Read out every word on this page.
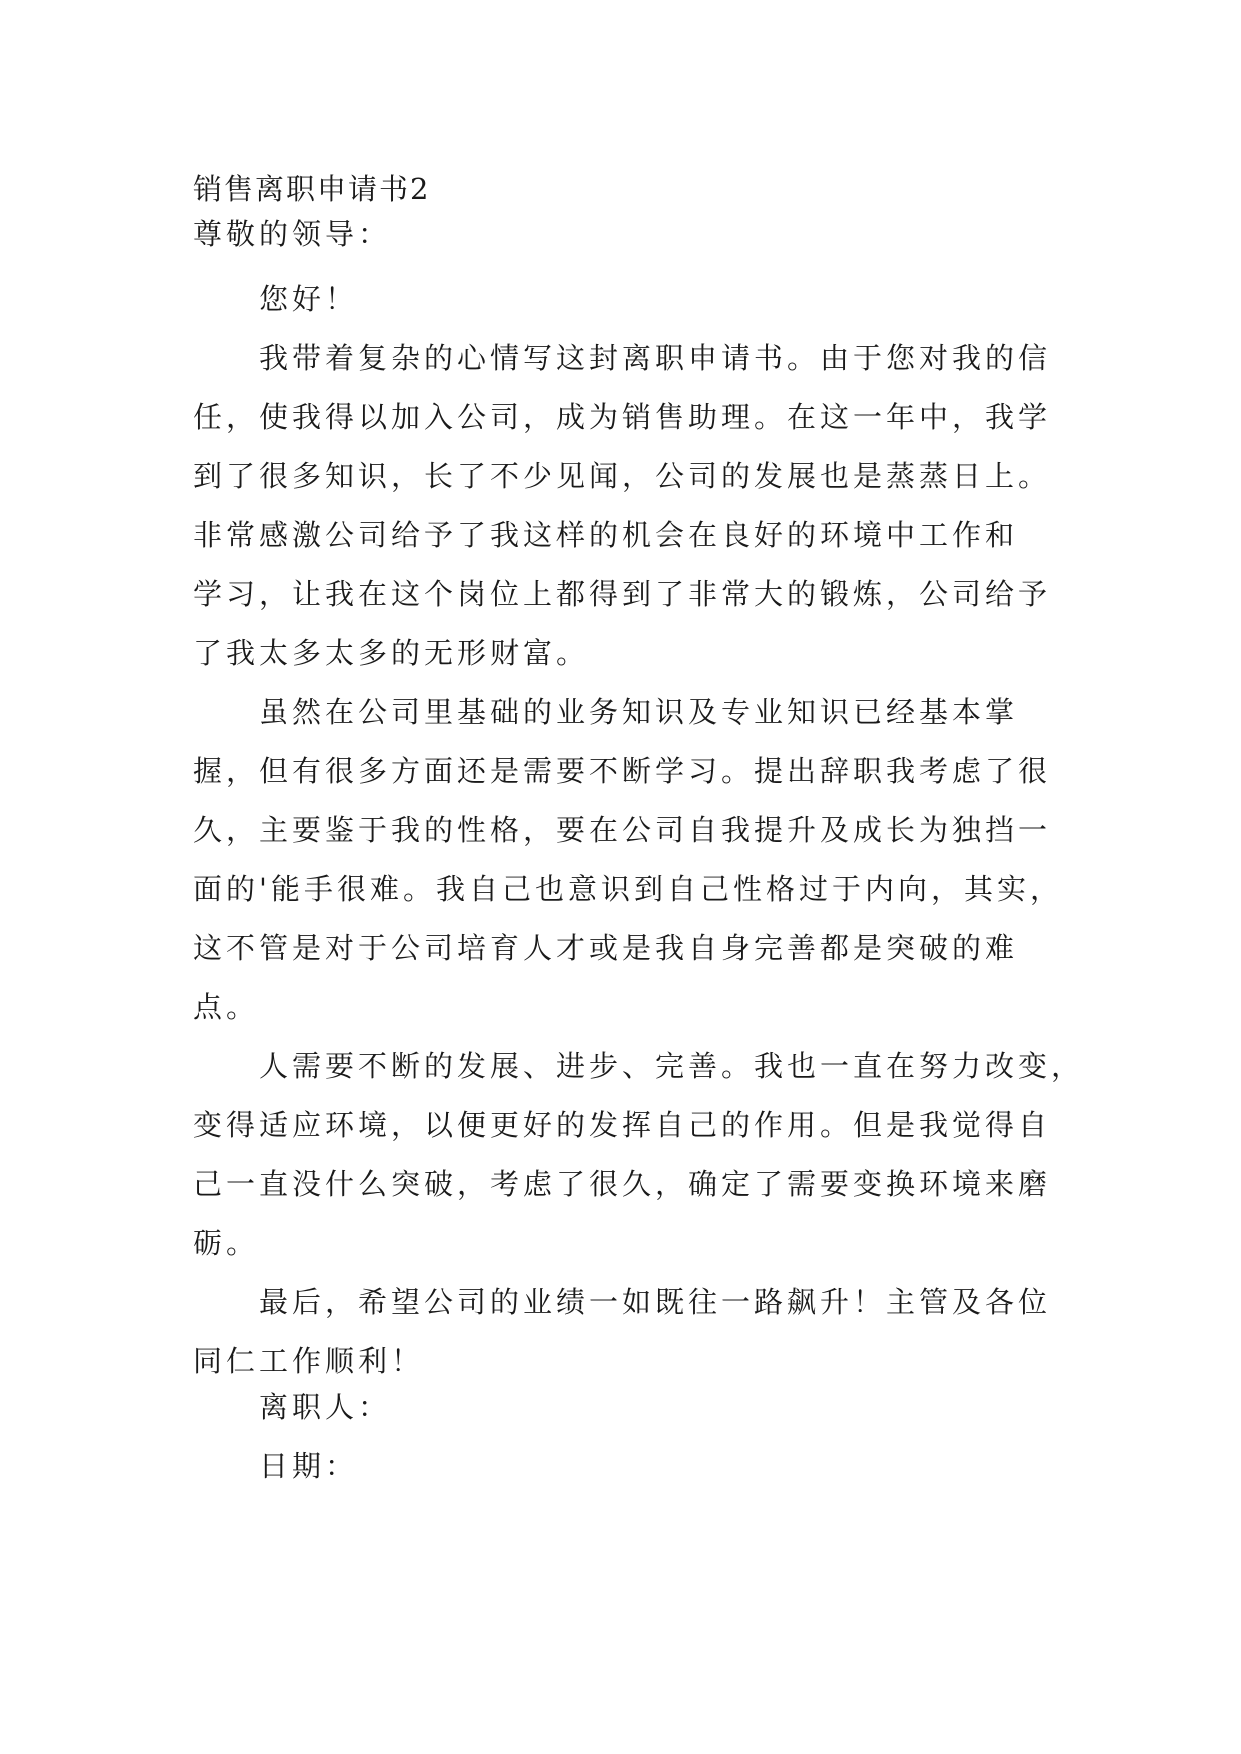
销售离职申请书2
尊敬的领导：
您好！
我带着复杂的心情写这封离职申请书。由于您对我的信
任，使我得以加入公司，成为销售助理。在这一年中，我学
到了很多知识，长了不少见闻，公司的发展也是蒸蒸日上。
非常感激公司给予了我这样的机会在良好的环境中工作和
学习，让我在这个岗位上都得到了非常大的锻炼，公司给予
了我太多太多的无形财富。
虽然在公司里基础的业务知识及专业知识已经基本掌
握，但有很多方面还是需要不断学习。提出辞职我考虑了很
久，主要鉴于我的性格，要在公司自我提升及成长为独挡一
面的'能手很难。我自己也意识到自己性格过于内向，其实，
这不管是对于公司培育人才或是我自身完善都是突破的难
点。
人需要不断的发展、进步、完善。我也一直在努力改变，
变得适应环境，以便更好的发挥自己的作用。但是我觉得自
己一直没什么突破，考虑了很久，确定了需要变换环境来磨
砺。
最后，希望公司的业绩一如既往一路飙升！主管及各位
同仁工作顺利！
离职人：
日期：
